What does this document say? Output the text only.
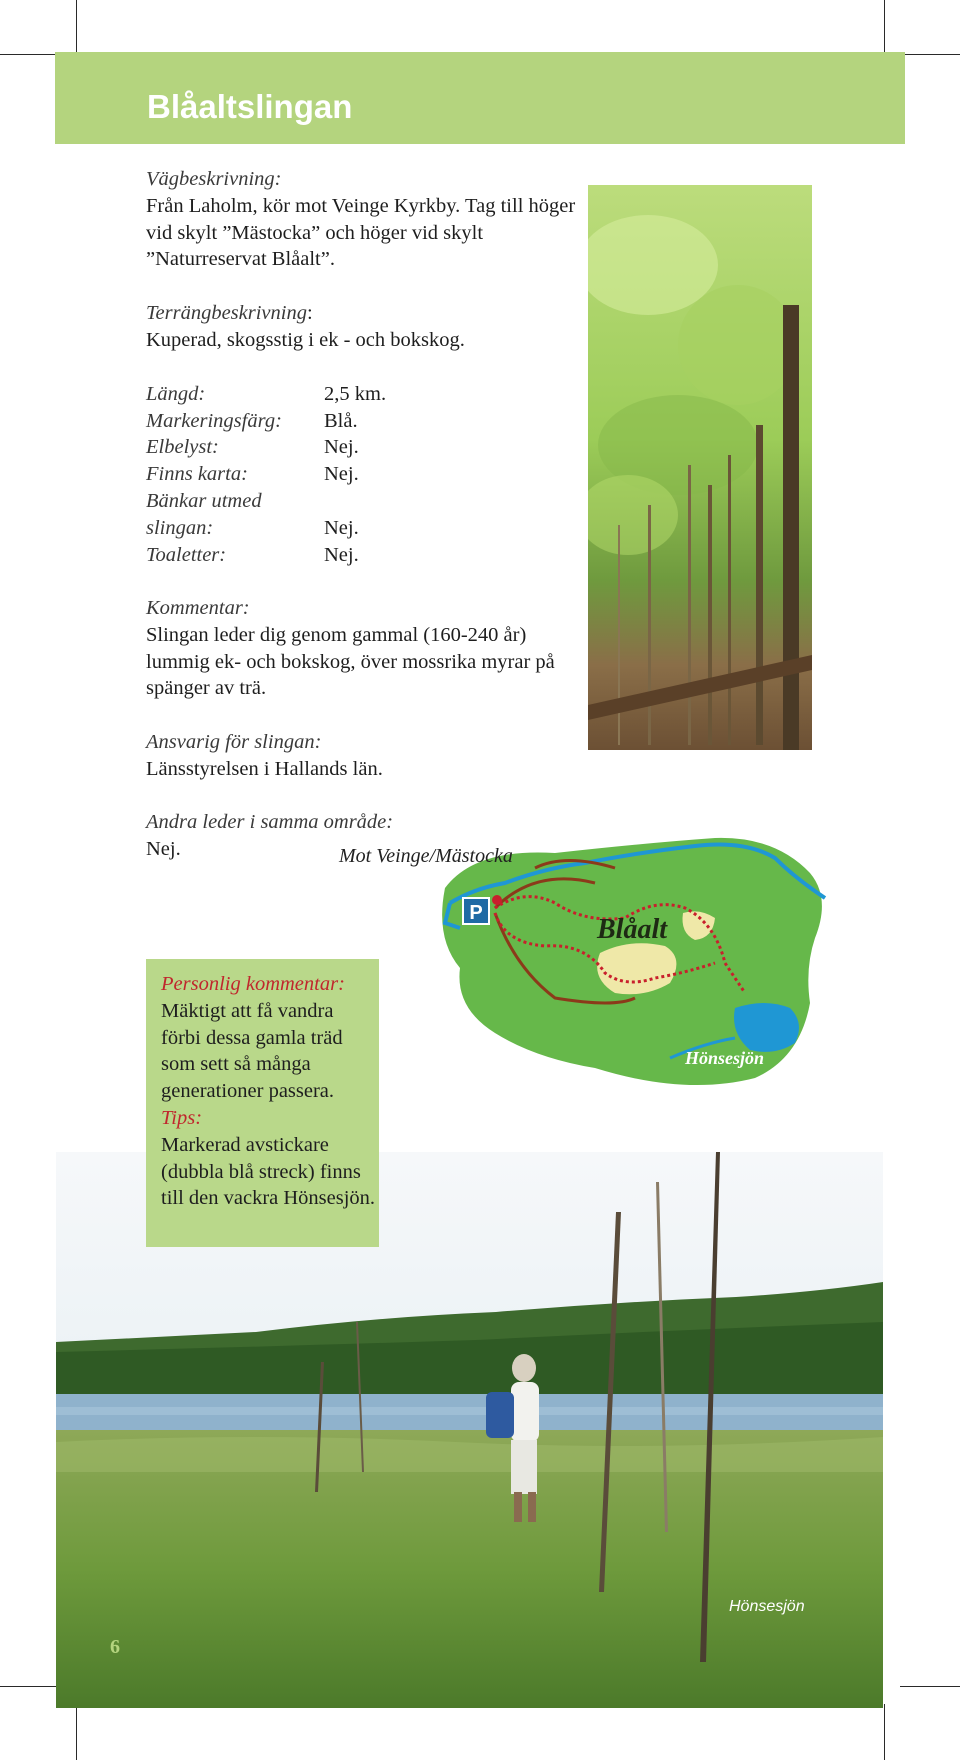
Blåaltslingan
Vägbeskrivning:
Från Laholm, kör mot Veinge Kyrkby. Tag till höger vid skylt ”Mästocka” och höger vid skylt ”Naturreservat Blåalt”.
Terrängbeskrivning:
Kuperad, skogsstig i ek - och bokskog.
Längd:	2,5 km.
Markeringsfärg: Blå.
Elbelyst:	Nej.
Finns karta:	Nej.
Bänkar utmed
slingan:	Nej.
Toaletter:	Nej.
Kommentar:
Slingan leder dig genom gammal (160-240 år) lummig ek- och bokskog, över mossrika myrar på spänger av trä.
Ansvarig för slingan:
Länsstyrelsen i Hallands län.
Andra leder i samma område:
Nej.
P
Blåalt
Hönsesjön
Mot Veinge/Mästocka
Hönsesjön
Personlig kommentar:
Mäktigt att få vandra förbi dessa gamla träd som sett så många generationer passera.
Tips:
Markerad avstickare (dubbla blå streck) finns till den vackra Hönsesjön.
6
